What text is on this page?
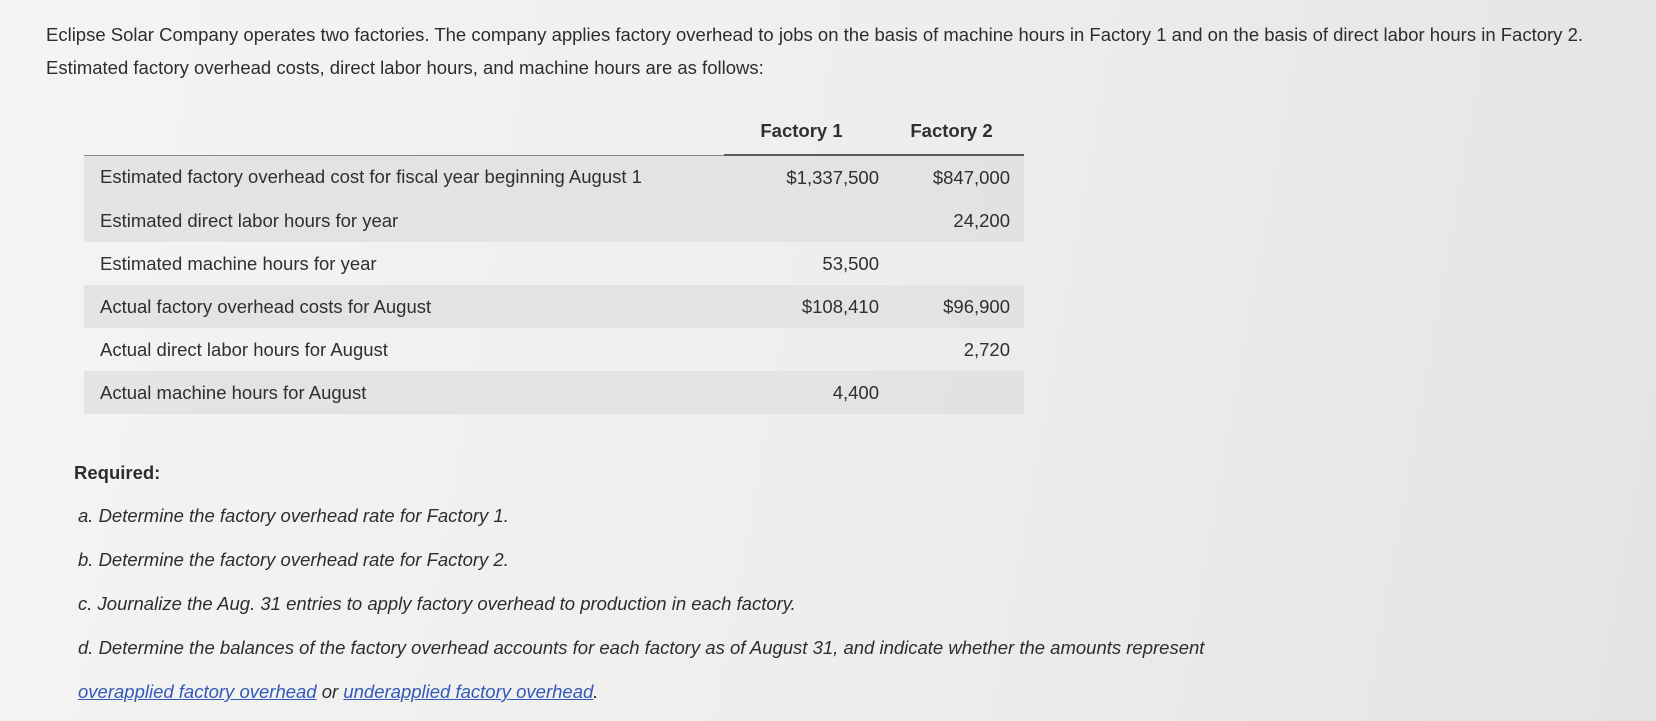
Eclipse Solar Company operates two factories. The company applies factory overhead to jobs on the basis of machine hours in Factory 1 and on the basis of direct labor hours in Factory 2. Estimated factory overhead costs, direct labor hours, and machine hours are as follows:
	Factory 1	Factory 2
Estimated factory overhead cost for fiscal year beginning August 1	$1,337,500	$847,000
Estimated direct labor hours for year		24,200
Estimated machine hours for year	53,500	
Actual factory overhead costs for August	$108,410	$96,900
Actual direct labor hours for August		2,720
Actual machine hours for August	4,400	
Required:
a. Determine the factory overhead rate for Factory 1.
b. Determine the factory overhead rate for Factory 2.
c. Journalize the Aug. 31 entries to apply factory overhead to production in each factory.
d. Determine the balances of the factory overhead accounts for each factory as of August 31, and indicate whether the amounts represent
overapplied factory overhead or underapplied factory overhead.
